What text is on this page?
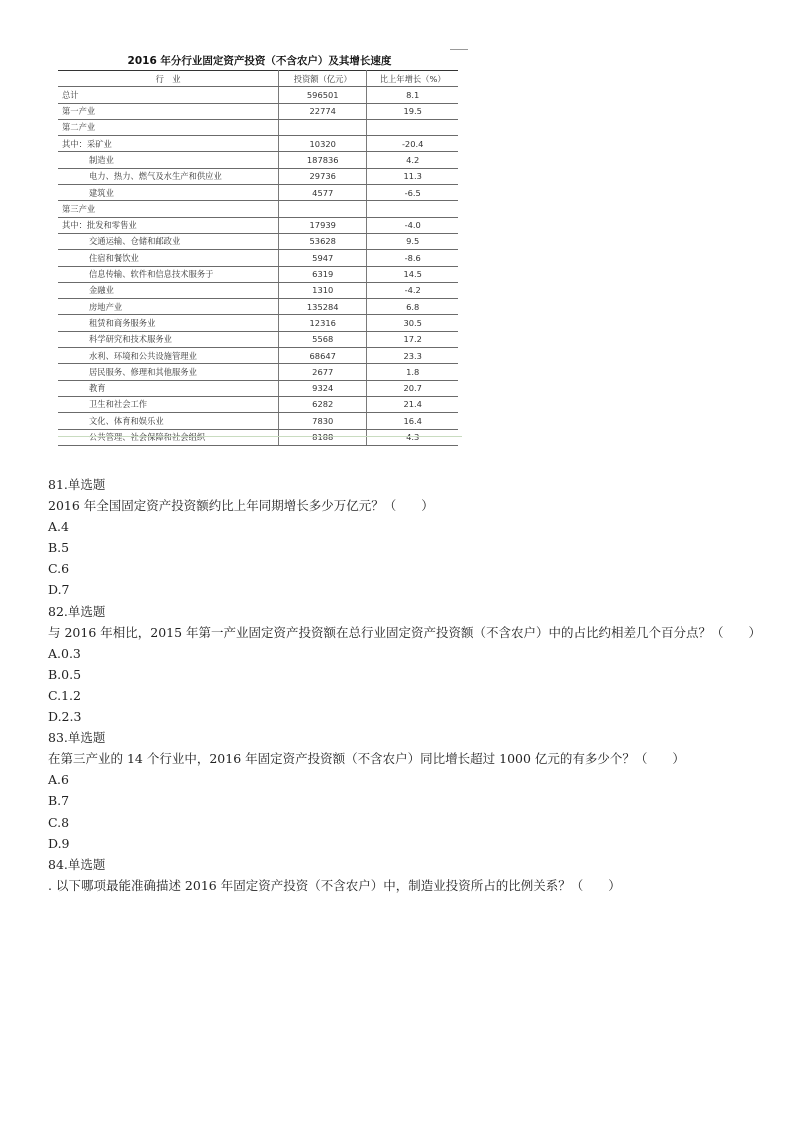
2016 年分行业固定资产投资（不含农户）及其增长速度
行　业	投资额（亿元）	比上年增长（%）
总计	596501	8.1
第一产业	22774	19.5
第二产业		
其中：采矿业	10320	-20.4
制造业	187836	4.2
电力、热力、燃气及水生产和供应业	29736	11.3
建筑业	4577	-6.5
第三产业		
其中：批发和零售业	17939	-4.0
交通运输、仓储和邮政业	53628	9.5
住宿和餐饮业	5947	-8.6
信息传输、软件和信息技术服务于	6319	14.5
金融业	1310	-4.2
房地产业	135284	6.8
租赁和商务服务业	12316	30.5
科学研究和技术服务业	5568	17.2
水利、环境和公共设施管理业	68647	23.3
居民服务、修理和其他服务业	2677	1.8
教育	9324	20.7
卫生和社会工作	6282	21.4
文化、体育和娱乐业	7830	16.4
公共管理、社会保障和社会组织	8188	4.3

81.单选题

2016 年全国固定资产投资额约比上年同期增长多少万亿元？（　　）

A.4

B.5

C.6

D.7

82.单选题

与 2016 年相比，2015 年第一产业固定资产投资额在总行业固定资产投资额（不含农户）中的占比约相差几个百分点？（　　）

A.0.3

B.0.5

C.1.2

D.2.3

83.单选题

在第三产业的 14 个行业中，2016 年固定资产投资额（不含农户）同比增长超过 1000 亿元的有多少个？（　　）

A.6

B.7

C.8

D.9

84.单选题

. 以下哪项最能准确描述 2016 年固定资产投资（不含农户）中，制造业投资所占的比例关系？（　　）
